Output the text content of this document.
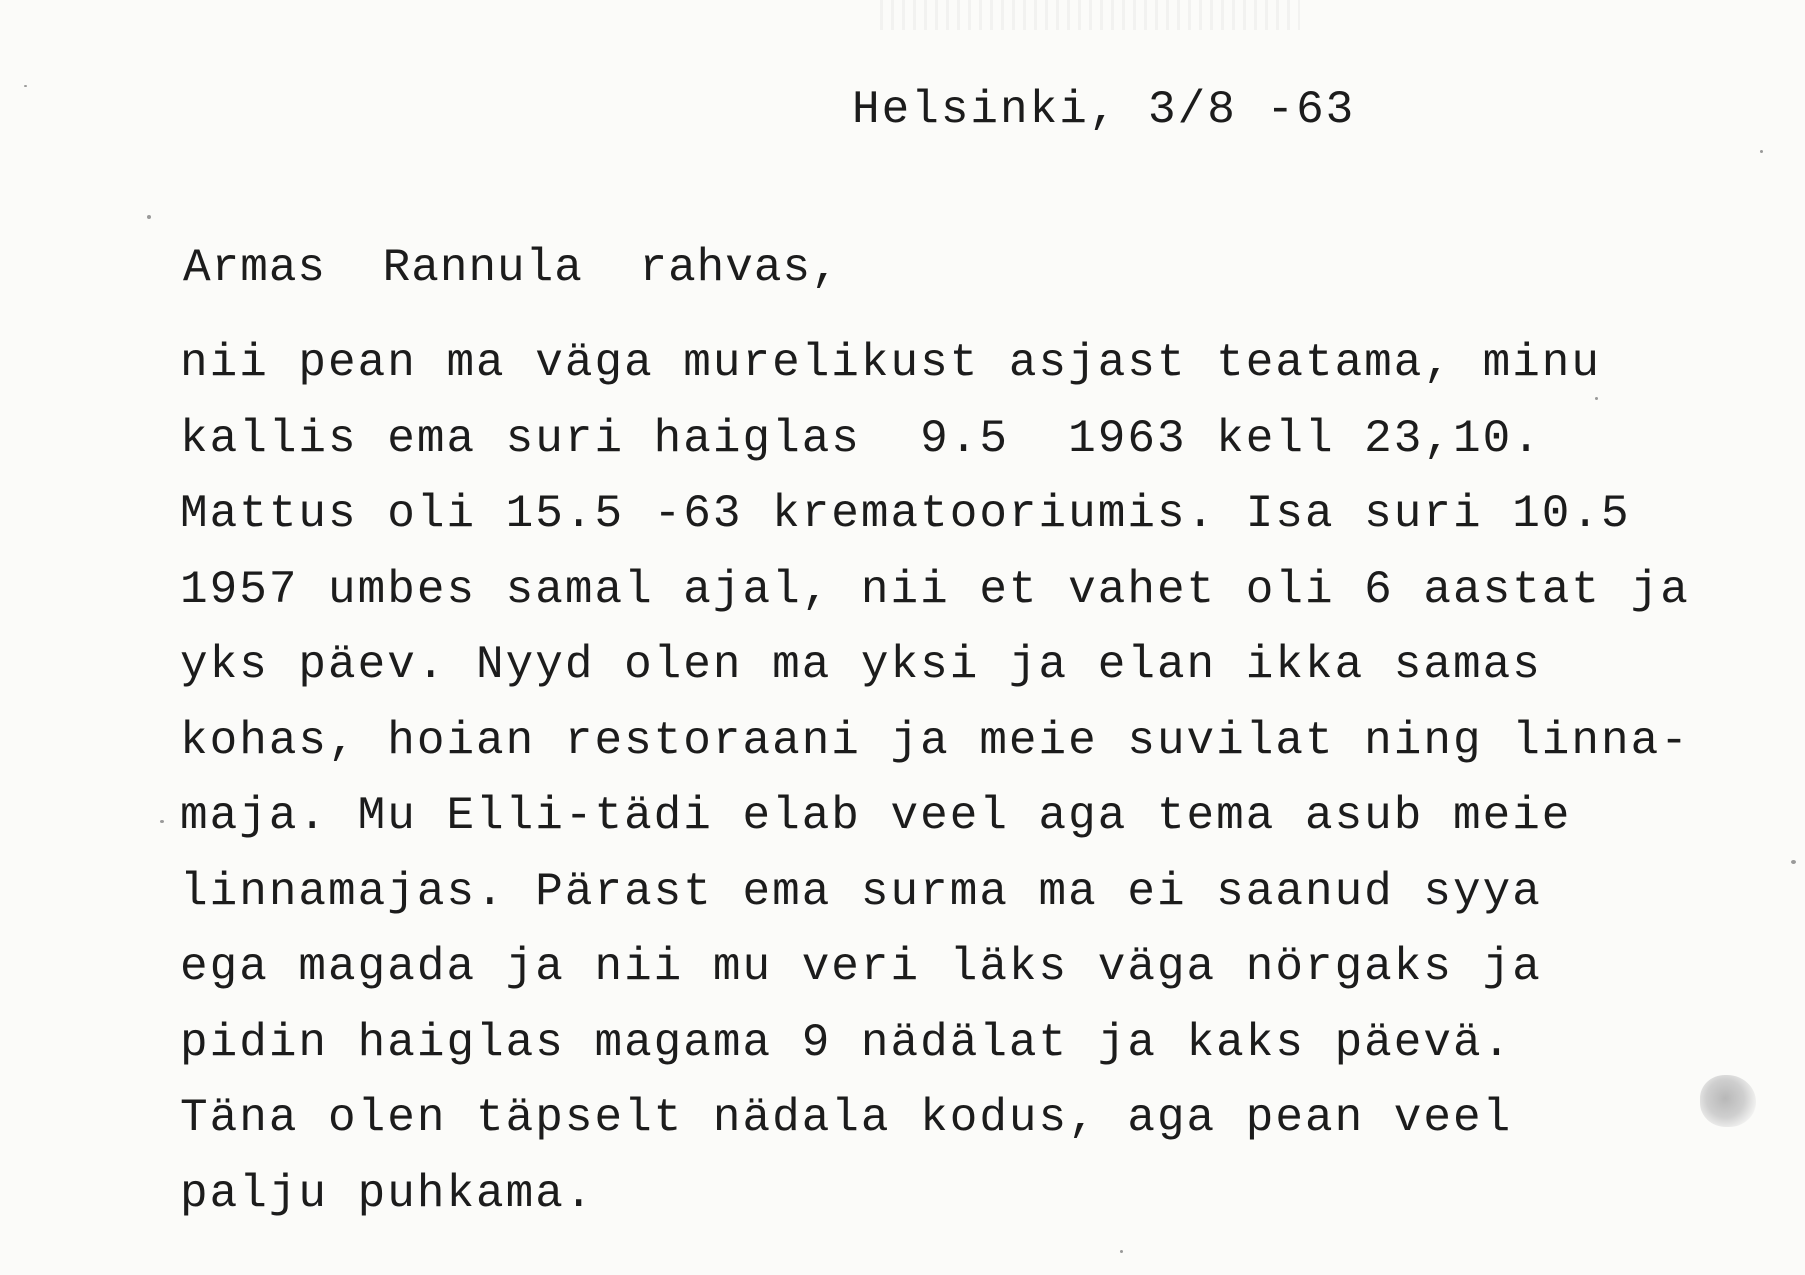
Helsinki, 3/8 -63
Armas Rannula rahvas,
nii pean ma väga murelikust asjast teatama, minu
kallis ema suri haiglas  9.5  1963 kell 23,10.
Mattus oli 15.5 -63 krematooriumis. Isa suri 10.5
1957 umbes samal ajal, nii et vahet oli 6 aastat ja
yks päev. Nyyd olen ma yksi ja elan ikka samas
kohas, hoian restoraani ja meie suvilat ning linna-
maja. Mu Elli-tädi elab veel aga tema asub meie
linnamajas. Pärast ema surma ma ei saanud syya
ega magada ja nii mu veri läks väga nörgaks ja
pidin haiglas magama 9 nädälat ja kaks päevä.
Täna olen täpselt nädala kodus, aga pean veel
palju puhkama.
